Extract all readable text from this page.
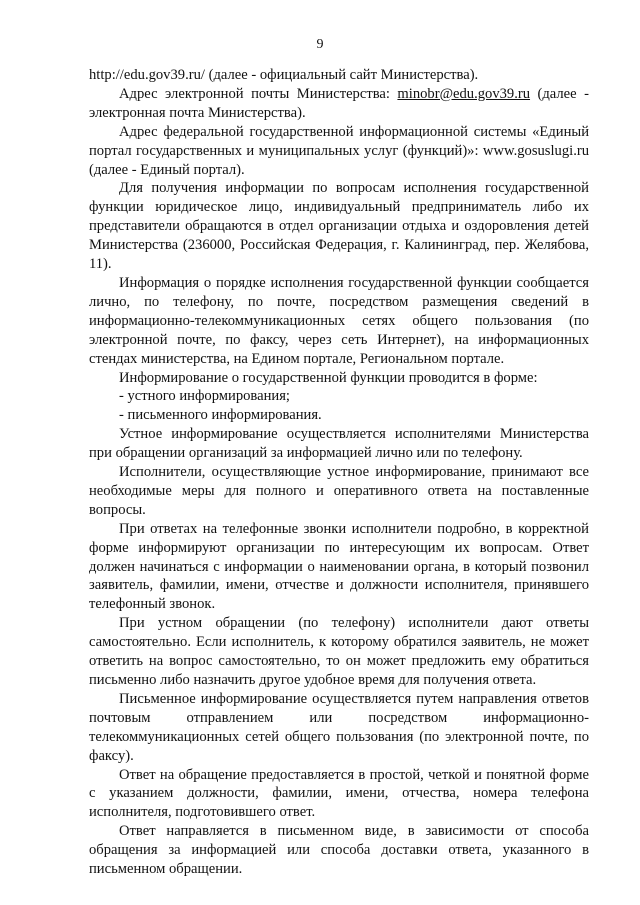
9

http://edu.gov39.ru/ (далее - официальный сайт Министерства).

Адрес электронной почты Министерства: minobr@edu.gov39.ru (далее - электронная почта Министерства).

Адрес федеральной государственной информационной системы «Единый портал государственных и муниципальных услуг (функций)»: www.gosuslugi.ru (далее - Единый портал).

Для получения информации по вопросам исполнения государственной функции юридическое лицо, индивидуальный предприниматель либо их представители обращаются в отдел организации отдыха и оздоровления детей Министерства (236000, Российская Федерация, г. Калининград, пер. Желябова, 11).

Информация о порядке исполнения государственной функции сообщается лично, по телефону, по почте, посредством размещения сведений в информационно-телекоммуникационных сетях общего пользования (по электронной почте, по факсу, через сеть Интернет), на информационных стендах министерства, на Едином портале, Региональном портале.

Информирование о государственной функции проводится в форме:

- устного информирования;

- письменного информирования.

Устное информирование осуществляется исполнителями Министерства при обращении организаций за информацией лично или по телефону.

Исполнители, осуществляющие устное информирование, принимают все необходимые меры для полного и оперативного ответа на поставленные вопросы.

При ответах на телефонные звонки исполнители подробно, в корректной форме информируют организации по интересующим их вопросам. Ответ должен начинаться с информации о наименовании органа, в который позвонил заявитель, фамилии, имени, отчестве и должности исполнителя, принявшего телефонный звонок.

При устном обращении (по телефону) исполнители дают ответы самостоятельно. Если исполнитель, к которому обратился заявитель, не может ответить на вопрос самостоятельно, то он может предложить ему обратиться письменно либо назначить другое удобное время для получения ответа.

Письменное информирование осуществляется путем направления ответов почтовым отправлением или посредством информационно-телекоммуникационных сетей общего пользования (по электронной почте, по факсу).

Ответ на обращение предоставляется в простой, четкой и понятной форме с указанием должности, фамилии, имени, отчества, номера телефона исполнителя, подготовившего ответ.

Ответ направляется в письменном виде, в зависимости от способа обращения за информацией или способа доставки ответа, указанного в письменном обращении.
